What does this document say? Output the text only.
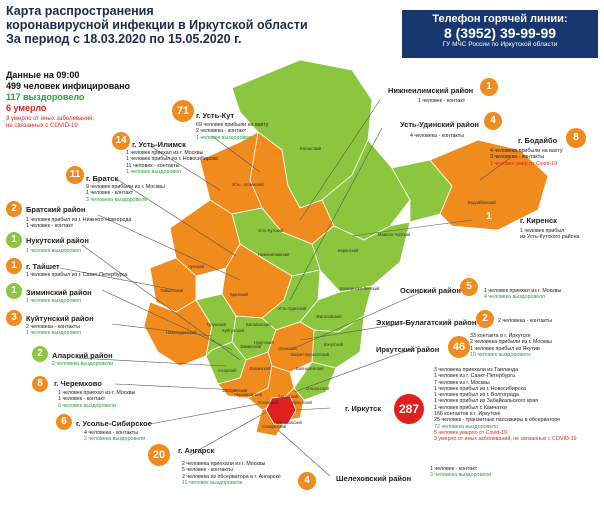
Карта распространения
коронавирусной инфекции в Иркутской области
За период с 18.03.2020 по 15.05.2020 г.
Телефон горячей линии:
8 (3952) 39-99-99
ГУ МЧС России по Иркутской области
Данные на 09:00
499 человек инфицировано
117 выздоровело
6 умерло
3 умерло от иных заболеваний,
не связанных с COVID-19
Катангский
Усть - Илимский
Усть-Кутский
Нижнеилимский
Киренский
Мамско-Чуйский
Бодайбинский
Казачинско-Ленский
Чунский
Братский
Тайшетский
Нижнеудинский
Тулунский
Куйтунский
Зиминский
Усть-Удинский
Балаганский
Нукутский
Аларский
Осинский
Эхирит-Булагатский
Баяндаевский
Качугский
Жигаловский
Ольхонский
Иркутский
Слюдянский
Шелеховский
Черемховский
Усольский
Ангарский
Боханский
Заларинский
71 г. Усть-Кут
69 человек прибыли на вахту
2 человека - контакт
1 человек выздоровел
14 г. Усть-Илимск
1 человек приехал из г. Москвы
1 человек прибыл из г. Новосибирска
11 человек - контакты
1 человек выздоровел
11 г. Братск
9 человек прибыли из г. Москвы
1 человек - контакт
3 человека выздоровели
2	Братский район
1 человек прибыл из г. Нижнего Новгорода
1 человек - контакт
1	Нукутский район
1 человек выздоровел
1	г. Тайшет
1 человек прибыл из г. Санкт-Петербурга
1	Зиминский район
1 человек выздоровел
3	Куйтунский район
2 человека - контакты
1 человек выздоровел
2	Аларский район
2 человека выздоровели
8	г. Черемхово
1 человек приехал из г. Москвы
1 человек - контакт
6 человек выздоровели
6	г. Усолье-Сибирское
4 человека - контакты
2 человека выздоровели
20	г. Ангарск
2 человека приехали из г. Москвы
5 человек - контакты
2 человека из обсерватора в г. Ангарске
11 человек выздоровели
1
Нижнеилимский район
1 человек - контакт
4
Усть-Удинский район
4 человека - контакты	8
г. Бодайбо
4 человека прибыли на вахту
3 человека - контакты
1 человек умер от Covid-19
1	г. Киренск
1 человек прибыл
из Усть-Кутского района
5
Осинский район	1 человек приехал из г. Москвы
4 человека выздоровело
2
Эхирит-Булагатский район	2 человека - контакты
46
Иркутский район
33 контакта в г. Иркутске
2 человека прибыли из г. Москвы
1 человек прибыл из Якутии
10 человек выздоровело
4	Шелеховский район
1 человек - контакт
3 человека выздоровели
287
г. Иркутск
3 человека приехали из Таиланда
1 человек из г. Санкт-Петербурга
7 человек из г. Москвы
1 человек прибыл из г. Новосибирска
1 человек прибыл из г. Волгограда
1 человек прибыл из Забайкальского края
1 человек прибыл с Камчатки
166 контактов в г. Иркутске
25 человек - транзитные пассажиры в обсерваторе
72 человека выздоровело
5 человек умерло от Covid-19
3 умерло от иных заболеваний, не связанных с COVID-19
